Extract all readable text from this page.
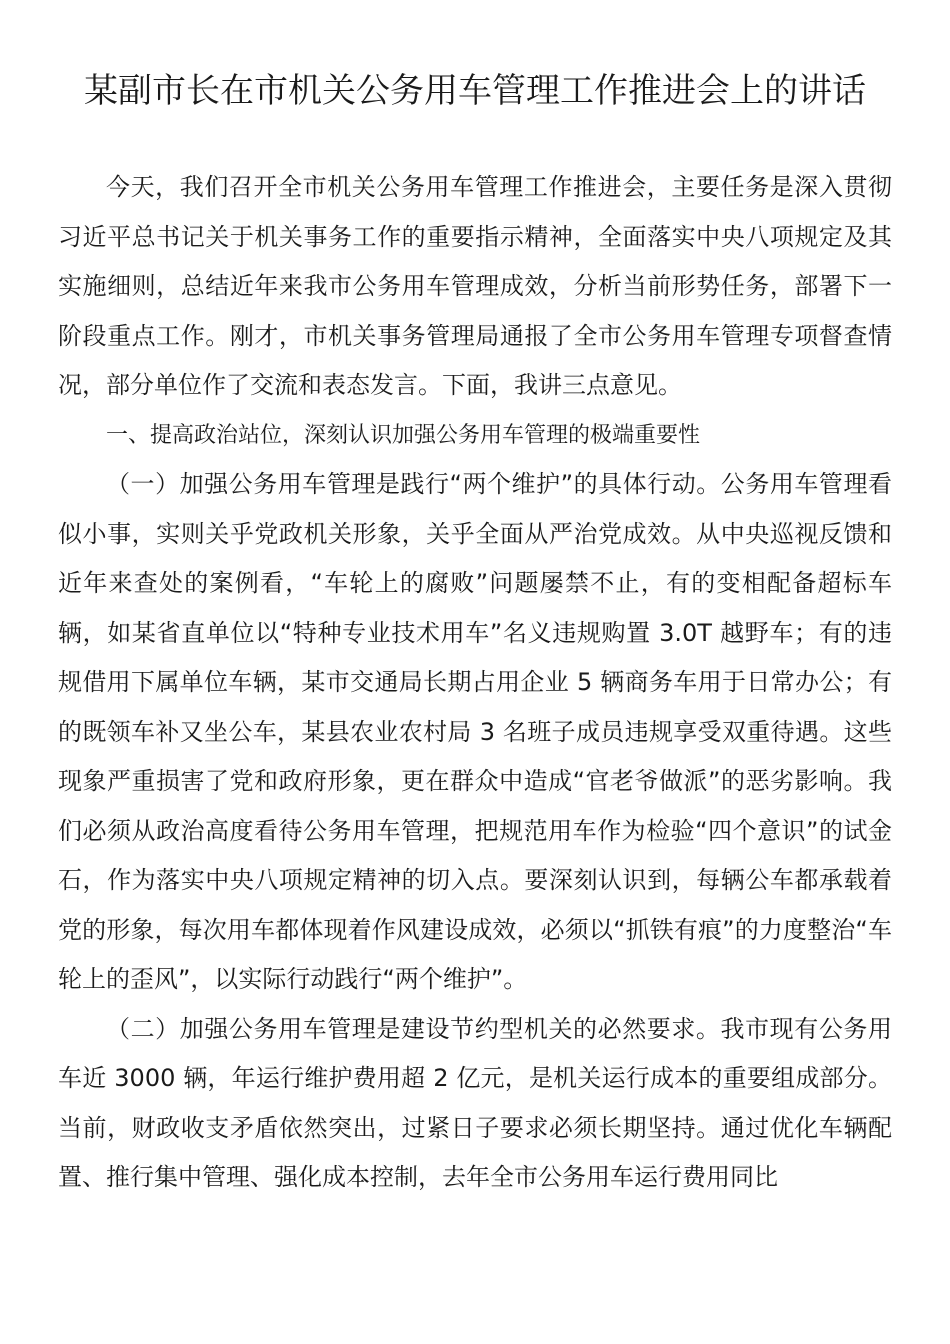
某副市长在市机关公务用车管理工作推进会上的讲话

今天，我们召开全市机关公务用车管理工作推进会，主要任务是深入贯彻习近平总书记关于机关事务工作的重要指示精神，全面落实中央八项规定及其实施细则，总结近年来我市公务用车管理成效，分析当前形势任务，部署下一阶段重点工作。刚才，市机关事务管理局通报了全市公务用车管理专项督查情况，部分单位作了交流和表态发言。下面，我讲三点意见。

一、提高政治站位，深刻认识加强公务用车管理的极端重要性

（一）加强公务用车管理是践行“两个维护”的具体行动。公务用车管理看似小事，实则关乎党政机关形象，关乎全面从严治党成效。从中央巡视反馈和近年来查处的案例看，“车轮上的腐败”问题屡禁不止，有的变相配备超标车辆，如某省直单位以“特种专业技术用车”名义违规购置 3.0T 越野车；有的违规借用下属单位车辆，某市交通局长期占用企业 5 辆商务车用于日常办公；有的既领车补又坐公车，某县农业农村局 3 名班子成员违规享受双重待遇。这些现象严重损害了党和政府形象，更在群众中造成“官老爷做派”的恶劣影响。我们必须从政治高度看待公务用车管理，把规范用车作为检验“四个意识”的试金石，作为落实中央八项规定精神的切入点。要深刻认识到，每辆公车都承载着党的形象，每次用车都体现着作风建设成效，必须以“抓铁有痕”的力度整治“车轮上的歪风”，以实际行动践行“两个维护”。

（二）加强公务用车管理是建设节约型机关的必然要求。我市现有公务用车近 3000 辆，年运行维护费用超 2 亿元，是机关运行成本的重要组成部分。当前，财政收支矛盾依然突出，过紧日子要求必须长期坚持。通过优化车辆配置、推行集中管理、强化成本控制，去年全市公务用车运行费用同比
